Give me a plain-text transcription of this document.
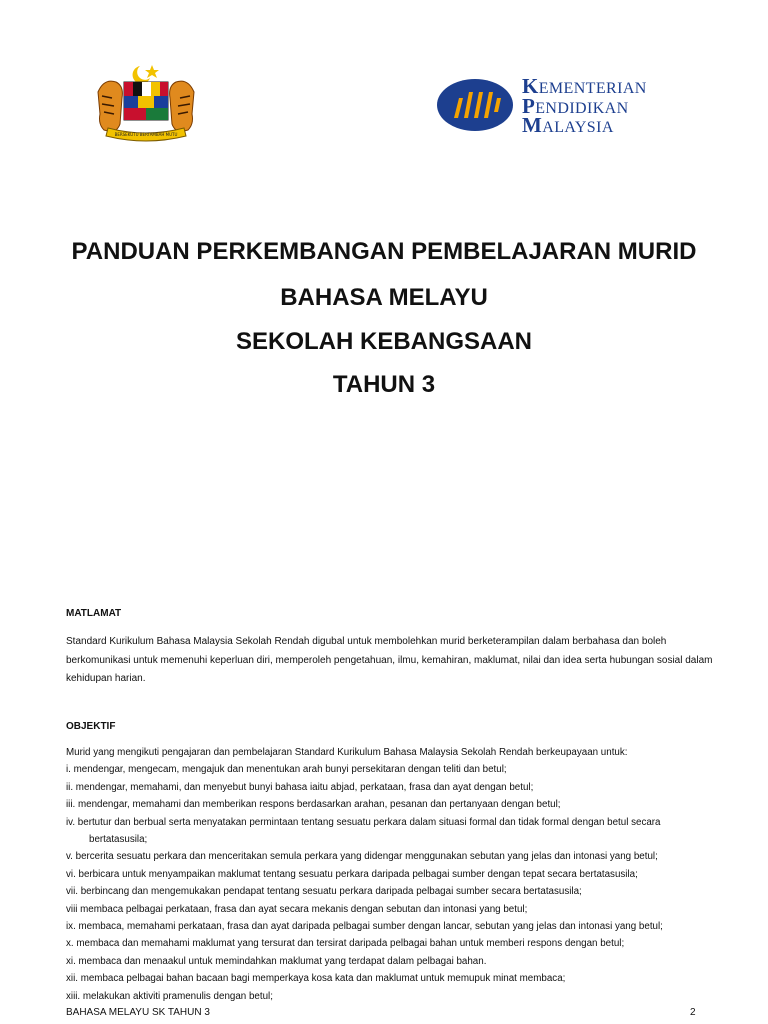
BERSEKUTU BERTAMBAH MUTU
KEMENTERIAN
PENDIDIKAN
MALAYSIA
PANDUAN PERKEMBANGAN PEMBELAJARAN MURID
BAHASA MELAYU
SEKOLAH KEBANGSAAN
TAHUN 3
MATLAMAT
Standard Kurikulum Bahasa Malaysia Sekolah Rendah digubal untuk membolehkan murid berketerampilan dalam berbahasa dan boleh berkomunikasi untuk memenuhi keperluan diri, memperoleh pengetahuan, ilmu, kemahiran, maklumat, nilai dan idea serta hubungan sosial dalam kehidupan harian.
OBJEKTIF
Murid yang mengikuti pengajaran dan pembelajaran Standard Kurikulum Bahasa Malaysia Sekolah Rendah berkeupayaan untuk:
i. mendengar, mengecam, mengajuk dan menentukan arah bunyi persekitaran dengan teliti dan betul;
ii. mendengar, memahami, dan menyebut bunyi bahasa iaitu abjad, perkataan, frasa dan ayat dengan betul;
iii. mendengar, memahami dan memberikan respons berdasarkan arahan, pesanan dan pertanyaan dengan betul;
iv. bertutur dan berbual serta menyatakan permintaan tentang sesuatu perkara dalam situasi formal dan tidak formal dengan betul secara
bertatasusila;
v. bercerita sesuatu perkara dan menceritakan semula perkara yang didengar menggunakan sebutan yang jelas dan intonasi yang betul;
vi. berbicara untuk menyampaikan maklumat tentang sesuatu perkara daripada pelbagai sumber dengan tepat secara bertatasusila;
vii. berbincang dan mengemukakan pendapat tentang sesuatu perkara daripada pelbagai sumber secara bertatasusila;
viii membaca pelbagai perkataan, frasa dan ayat secara mekanis dengan sebutan dan intonasi yang betul;
ix. membaca, memahami perkataan, frasa dan ayat daripada pelbagai sumber dengan lancar, sebutan yang jelas dan intonasi yang betul;
x. membaca dan memahami maklumat yang tersurat dan tersirat daripada pelbagai bahan untuk memberi respons dengan betul;
xi. membaca dan menaakul untuk memindahkan maklumat yang terdapat dalam pelbagai bahan.
xii. membaca pelbagai bahan bacaan bagi memperkaya kosa kata dan maklumat untuk memupuk minat membaca;
xiii. melakukan aktiviti pramenulis dengan betul;
BAHASA MELAYU SK TAHUN 3	2
